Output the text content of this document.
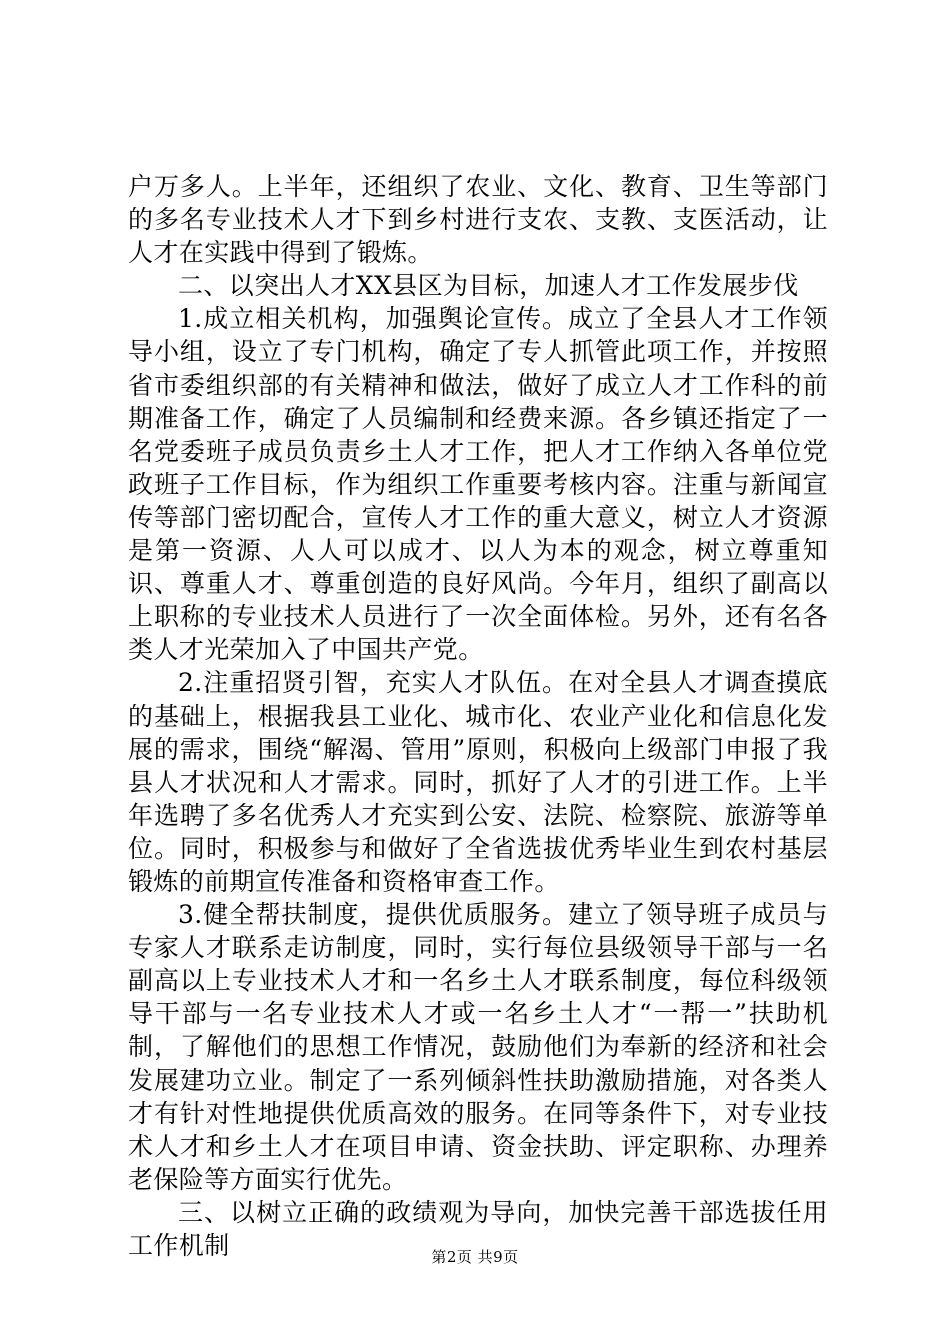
户万多人。上半年，还组织了农业、文化、教育、卫生等部门的多名专业技术人才下到乡村进行支农、支教、支医活动，让人才在实践中得到了锻炼。

二、以突出人才XX县区为目标，加速人才工作发展步伐

1.成立相关机构，加强舆论宣传。成立了全县人才工作领导小组，设立了专门机构，确定了专人抓管此项工作，并按照省市委组织部的有关精神和做法，做好了成立人才工作科的前期准备工作，确定了人员编制和经费来源。各乡镇还指定了一名党委班子成员负责乡土人才工作，把人才工作纳入各单位党政班子工作目标，作为组织工作重要考核内容。注重与新闻宣传等部门密切配合，宣传人才工作的重大意义，树立人才资源是第一资源、人人可以成才、以人为本的观念，树立尊重知识、尊重人才、尊重创造的良好风尚。今年月，组织了副高以上职称的专业技术人员进行了一次全面体检。另外，还有名各类人才光荣加入了中国共产党。

2.注重招贤引智，充实人才队伍。在对全县人才调查摸底的基础上，根据我县工业化、城市化、农业产业化和信息化发展的需求，围绕“解渴、管用”原则，积极向上级部门申报了我县人才状况和人才需求。同时，抓好了人才的引进工作。上半年选聘了多名优秀人才充实到公安、法院、检察院、旅游等单位。同时，积极参与和做好了全省选拔优秀毕业生到农村基层锻炼的前期宣传准备和资格审查工作。

3.健全帮扶制度，提供优质服务。建立了领导班子成员与专家人才联系走访制度，同时，实行每位县级领导干部与一名副高以上专业技术人才和一名乡土人才联系制度，每位科级领导干部与一名专业技术人才或一名乡土人才“一帮一”扶助机制，了解他们的思想工作情况，鼓励他们为奉新的经济和社会发展建功立业。制定了一系列倾斜性扶助激励措施，对各类人才有针对性地提供优质高效的服务。在同等条件下，对专业技术人才和乡土人才在项目申请、资金扶助、评定职称、办理养老保险等方面实行优先。

三、以树立正确的政绩观为导向，加快完善干部选拔任用工作机制	第2页 共9页
